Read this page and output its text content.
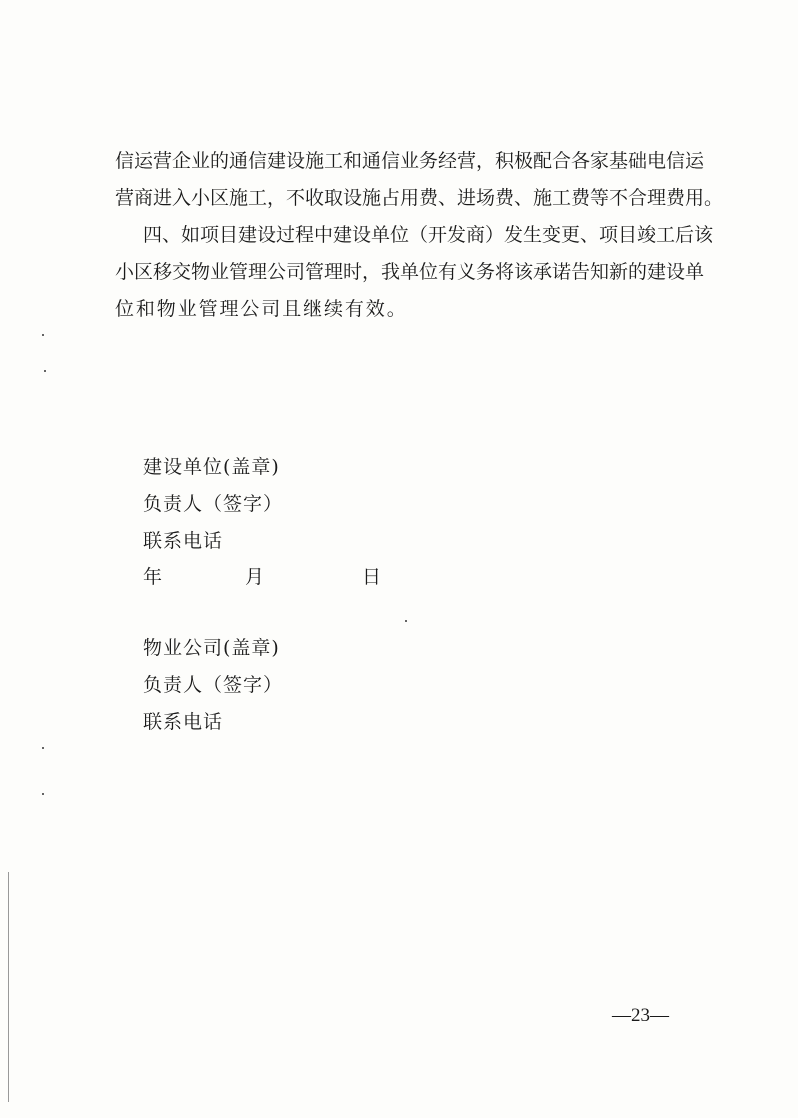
信运营企业的通信建设施工和通信业务经营，积极配合各家基础电信运
营商进入小区施工，不收取设施占用费、进场费、施工费等不合理费用。
四、如项目建设过程中建设单位（开发商）发生变更、项目竣工后该
小区移交物业管理公司管理时，我单位有义务将该承诺告知新的建设单
位和物业管理公司且继续有效。
建设单位(盖章)
负责人（签字）
联系电话
年	月	日
物业公司(盖章)
负责人（签字）
联系电话
—23—
